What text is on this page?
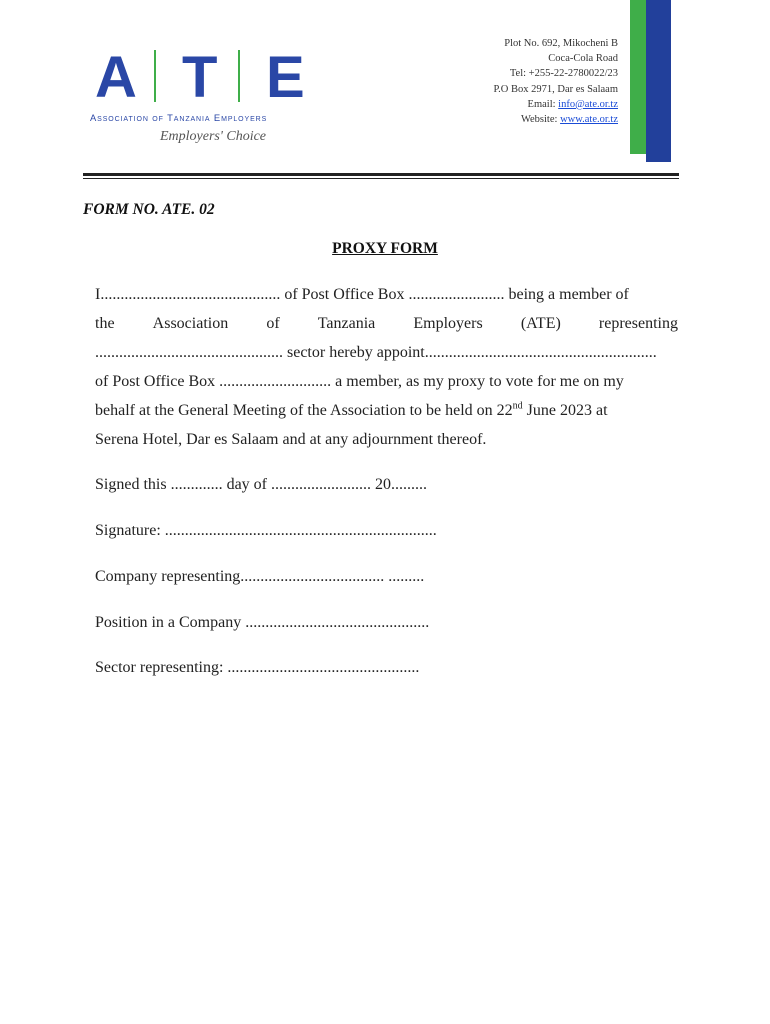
A T E
Association of Tanzania Employers
Employers' Choice
Plot No. 692, Mikocheni B
Coca-Cola Road
Tel: +255-22-2780022/23
P.O Box 2971, Dar es Salaam
Email: info@ate.or.tz
Website: www.ate.or.tz
FORM NO. ATE. 02
PROXY FORM
I............................................. of Post Office Box ........................ being a member of
the Association of Tanzania Employers (ATE) representing
............................................... sector hereby appoint..........................................................
of Post Office Box ............................ a member, as my proxy to vote for me on my
behalf at the General Meeting of the Association to be held on 22nd June 2023 at
Serena Hotel, Dar es Salaam and at any adjournment thereof.
Signed this ............. day of ......................... 20.........
Signature: ....................................................................
Company representing.................................... .........
Position in a Company ..............................................
Sector representing: ................................................
